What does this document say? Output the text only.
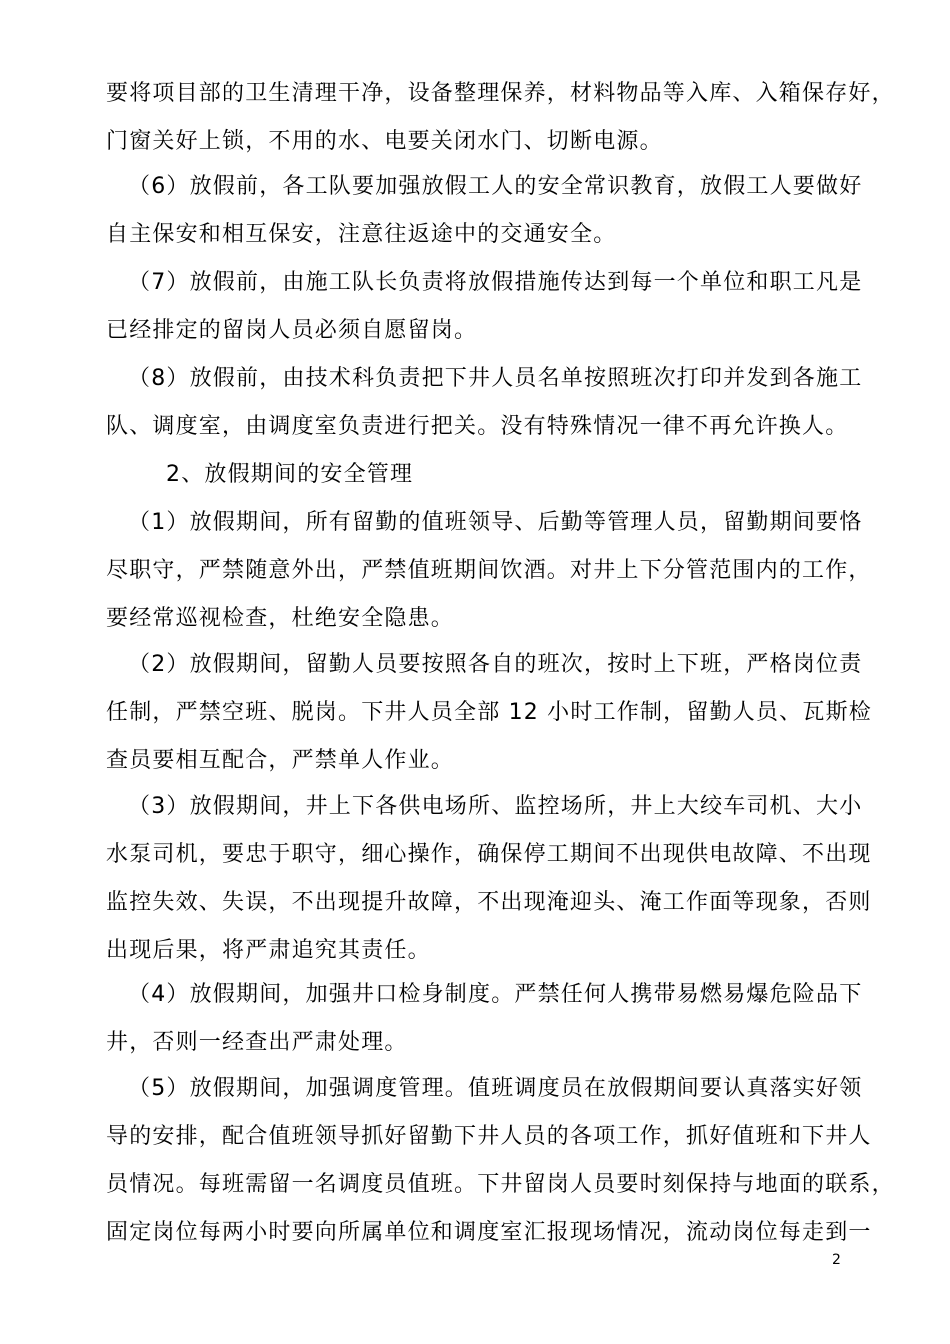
要将项目部的卫生清理干净，设备整理保养，材料物品等入库、入箱保存好，
门窗关好上锁，不用的水、电要关闭水门、切断电源。
（6）放假前，各工队要加强放假工人的安全常识教育，放假工人要做好
自主保安和相互保安，注意往返途中的交通安全。
（7）放假前，由施工队长负责将放假措施传达到每一个单位和职工凡是
已经排定的留岗人员必须自愿留岗。
（8）放假前，由技术科负责把下井人员名单按照班次打印并发到各施工
队、调度室，由调度室负责进行把关。没有特殊情况一律不再允许换人。
2、放假期间的安全管理
（1）放假期间，所有留勤的值班领导、后勤等管理人员，留勤期间要恪
尽职守，严禁随意外出，严禁值班期间饮酒。对井上下分管范围内的工作，
要经常巡视检查，杜绝安全隐患。
（2）放假期间，留勤人员要按照各自的班次，按时上下班，严格岗位责
任制，严禁空班、脱岗。下井人员全部 12 小时工作制，留勤人员、瓦斯检
查员要相互配合，严禁单人作业。
（3）放假期间，井上下各供电场所、监控场所，井上大绞车司机、大小
水泵司机，要忠于职守，细心操作，确保停工期间不出现供电故障、不出现
监控失效、失误，不出现提升故障，不出现淹迎头、淹工作面等现象，否则
出现后果，将严肃追究其责任。
（4）放假期间，加强井口检身制度。严禁任何人携带易燃易爆危险品下
井，否则一经查出严肃处理。
（5）放假期间，加强调度管理。值班调度员在放假期间要认真落实好领
导的安排，配合值班领导抓好留勤下井人员的各项工作，抓好值班和下井人
员情况。每班需留一名调度员值班。下井留岗人员要时刻保持与地面的联系，
固定岗位每两小时要向所属单位和调度室汇报现场情况，流动岗位每走到一
2
